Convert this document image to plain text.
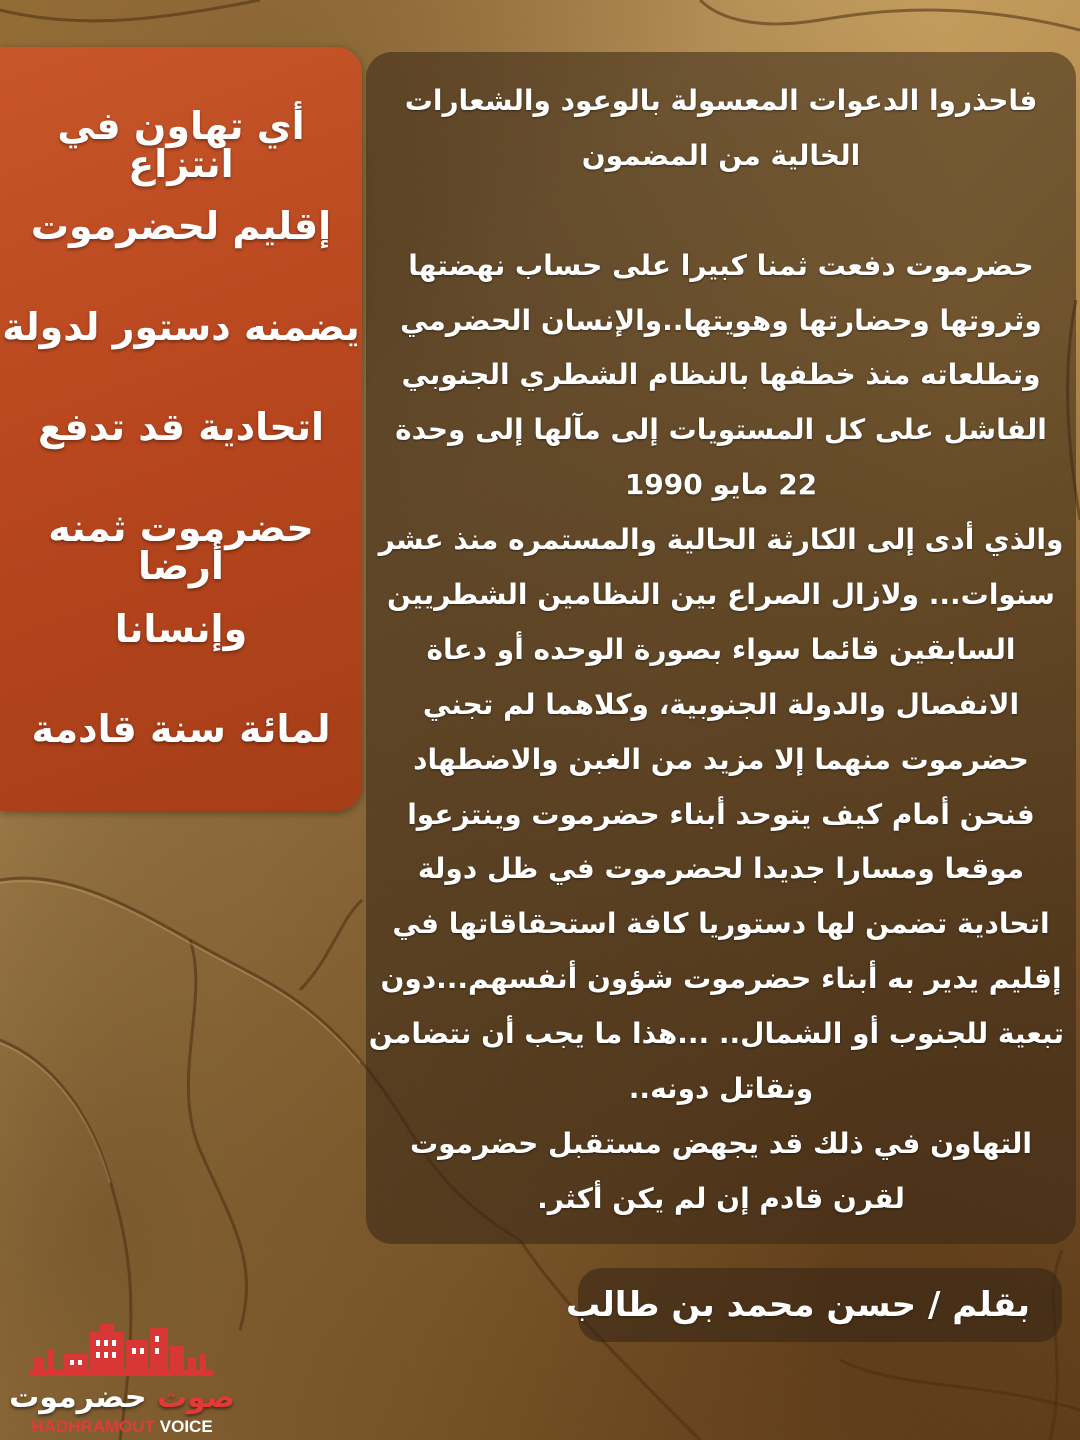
أي تهاون في انتزاع
إقليم لحضرموت
يضمنه دستور لدولة
اتحادية قد تدفع
حضرموت ثمنه أرضا
وإنسانا
لمائة سنة قادمة
فاحذروا الدعوات المعسولة بالوعود والشعارات
الخالية من المضمون
حضرموت دفعت ثمنا كبيرا على حساب نهضتها
وثروتها وحضارتها وهويتها..والإنسان الحضرمي
وتطلعاته منذ خطفها بالنظام الشطري الجنوبي
الفاشل على كل المستويات إلى مآلها إلى وحدة
22 مايو 1990
والذي أدى إلى الكارثة الحالية والمستمره منذ عشر
سنوات... ولازال الصراع بين النظامين الشطريين
السابقين قائما سواء بصورة الوحده أو دعاة
الانفصال والدولة الجنوبية، وكلاهما لم تجني
حضرموت منهما إلا مزيد من الغبن والاضطهاد
فنحن أمام كيف يتوحد أبناء حضرموت وينتزعوا
موقعا ومسارا جديدا لحضرموت في ظل دولة
اتحادية تضمن لها دستوريا كافة استحقاقاتها في
إقليم يدير به أبناء حضرموت شؤون أنفسهم...دون
تبعية للجنوب أو الشمال.. ...هذا ما يجب أن نتضامن
ونقاتل دونه..
التهاون في ذلك قد يجهض مستقبل حضرموت
لقرن قادم إن لم يكن أكثر.
بقلم / حسن محمد بن طالب
صوت حضرموت
HADHRAMOUT VOICE
